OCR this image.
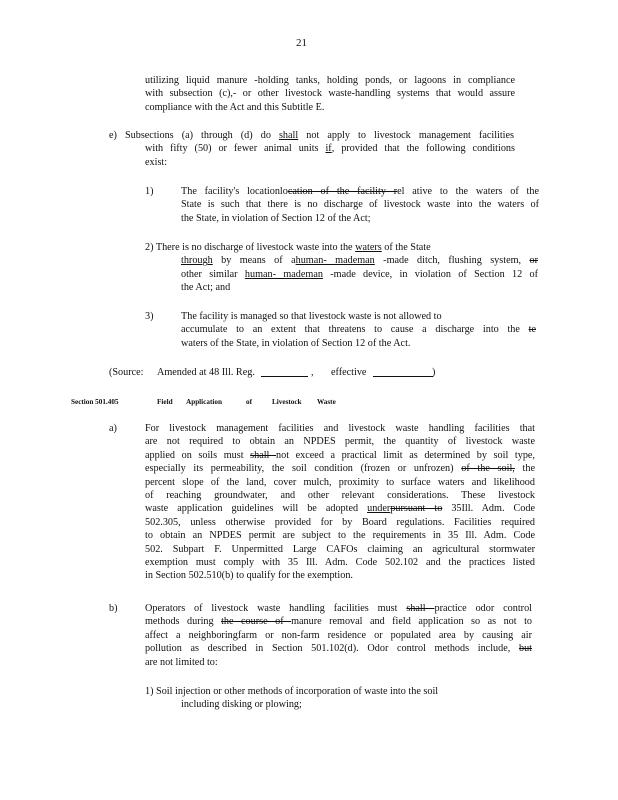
21
utilizing liquid manure -holding tanks, holding ponds, or lagoons in compliance
with subsection (c),- or other livestock waste-handling systems that would assure
compliance with the Act and this Subtitle E.
e) Subsections (a) through (d) do shall not apply to livestock management facilities
with fifty (50) or fewer animal units if, provided that the following conditions
exist:
1)	The facility's locationlocation of the facility rel ative to the waters of the
State is such that there is no discharge of livestock waste into the waters of
the State, in violation of Section 12 of the Act;
2) There is no discharge of livestock waste into the waters of the State
through by means of ahuman- mademan -made ditch, flushing system, or
other similar human- mademan -made device, in violation of Section 12 of
the Act; and
3)	The facility is managed so that livestock waste is not allowed to
accumulate to an extent that threatens to cause a discharge into the te
waters of the State, in violation of Section 12 of the Act.
(Source: Amended at 48 Ill. Reg.	, effective	)
Section 501.405	Field Application	of	Livestock Waste
a)	For livestock management facilities and livestock waste handling facilities that
are not required to obtain an NPDES permit, the quantity of livestock waste
applied on soils must shall not exceed a practical limit as determined by soil type,
especially its permeability, the soil condition (frozen or unfrozen) of the soil, the
percent slope of the land, cover mulch, proximity to surface waters and likelihood
of reaching groundwater, and other relevant considerations. These livestock
waste application guidelines will be adopted underpursuant to 35Ill. Adm. Code
502.305, unless otherwise provided for by Board regulations. Facilities required
to obtain an NPDES permit are subject to the requirements in 35 Ill. Adm. Code
502. Subpart F. Unpermitted Large CAFOs claiming an agricultural stormwater
exemption must comply with 35 Ill. Adm. Code 502.102 and the practices listed
in Section 502.510(b) to qualify for the exemption.
b)	Operators of livestock waste handling facilities must shall practice odor control
methods during the course of manure removal and field application so as not to
affect a neighboringfarm or non-farm residence or populated area by causing air
pollution as described in Section 501.102(d). Odor control methods include, but
are not limited to:
1) Soil injection or other methods of incorporation of waste into the soil
including disking or plowing;
